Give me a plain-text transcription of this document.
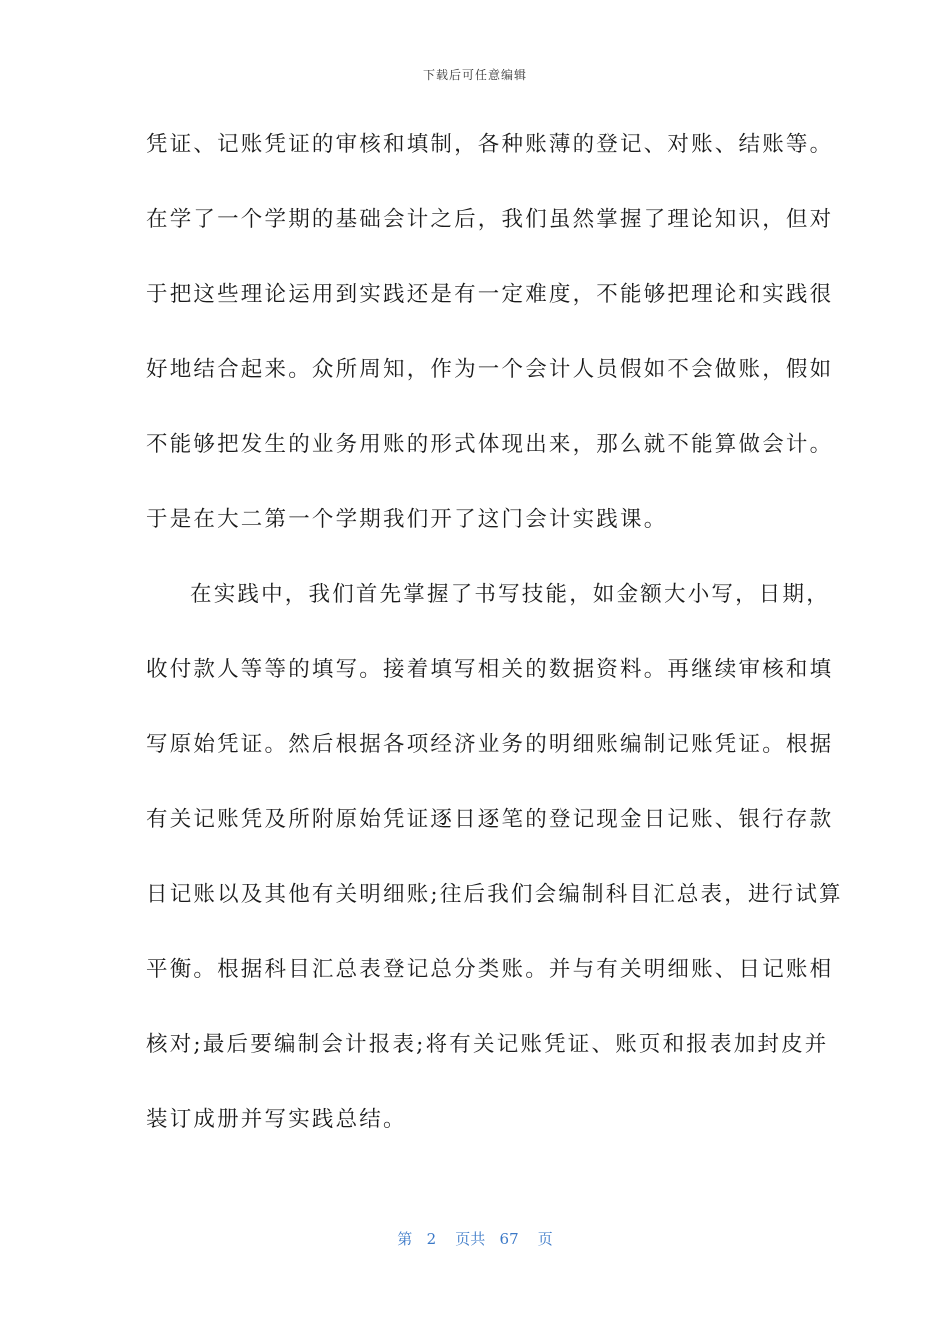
下载后可任意编辑
凭证、记账凭证的审核和填制，各种账薄的登记、对账、结账等。
在学了一个学期的基础会计之后，我们虽然掌握了理论知识，但对
于把这些理论运用到实践还是有一定难度，不能够把理论和实践很
好地结合起来。众所周知，作为一个会计人员假如不会做账，假如
不能够把发生的业务用账的形式体现出来，那么就不能算做会计。
于是在大二第一个学期我们开了这门会计实践课。
在实践中，我们首先掌握了书写技能，如金额大小写，日期，
收付款人等等的填写。接着填写相关的数据资料。再继续审核和填
写原始凭证。然后根据各项经济业务的明细账编制记账凭证。根据
有关记账凭及所附原始凭证逐日逐笔的登记现金日记账、银行存款
日记账以及其他有关明细账;往后我们会编制科目汇总表，进行试算
平衡。根据科目汇总表登记总分类账。并与有关明细账、日记账相
核对;最后要编制会计报表;将有关记账凭证、账页和报表加封皮并
装订成册并写实践总结。
第 2 页共 67 页
